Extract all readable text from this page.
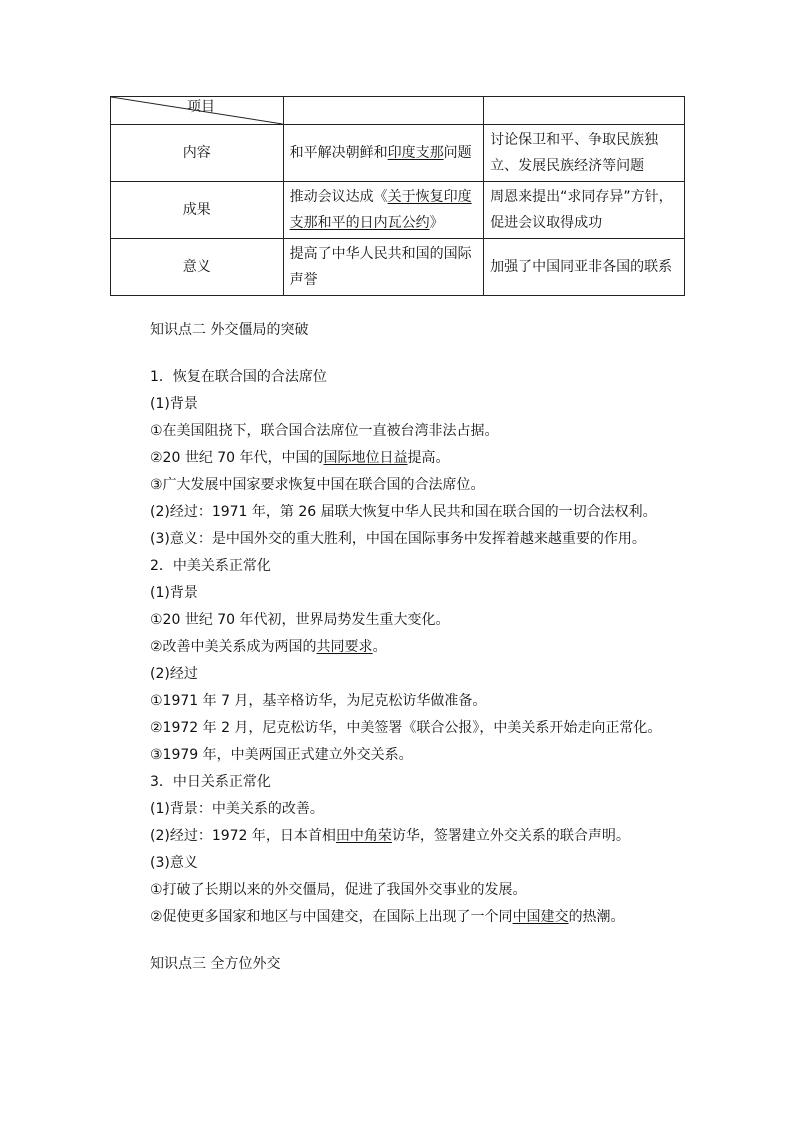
项目		

内容	和平解决朝鲜和印度支那问题	讨论保卫和平、争取民族独立、发展民族经济等问题
成果	推动会议达成《关于恢复印度支那和平的日内瓦公约》	周恩来提出“求同存异”方针，促进会议取得成功
意义	提高了中华人民共和国的国际声誉	加强了中国同亚非各国的联系
知识点二 外交僵局的突破
1．恢复在联合国的合法席位
(1)背景
①在美国阻挠下，联合国合法席位一直被台湾非法占据。
②20 世纪 70 年代，中国的国际地位日益提高。
③广大发展中国家要求恢复中国在联合国的合法席位。
(2)经过：1971 年，第 26 届联大恢复中华人民共和国在联合国的一切合法权利。
(3)意义：是中国外交的重大胜利，中国在国际事务中发挥着越来越重要的作用。
2．中美关系正常化
(1)背景
①20 世纪 70 年代初，世界局势发生重大变化。
②改善中美关系成为两国的共同要求。
(2)经过
①1971 年 7 月，基辛格访华，为尼克松访华做准备。
②1972 年 2 月，尼克松访华，中美签署《联合公报》，中美关系开始走向正常化。
③1979 年，中美两国正式建立外交关系。
3．中日关系正常化
(1)背景：中美关系的改善。
(2)经过：1972 年，日本首相田中角荣访华，签署建立外交关系的联合声明。
(3)意义
①打破了长期以来的外交僵局，促进了我国外交事业的发展。
②促使更多国家和地区与中国建交，在国际上出现了一个同中国建交的热潮。
知识点三 全方位外交
